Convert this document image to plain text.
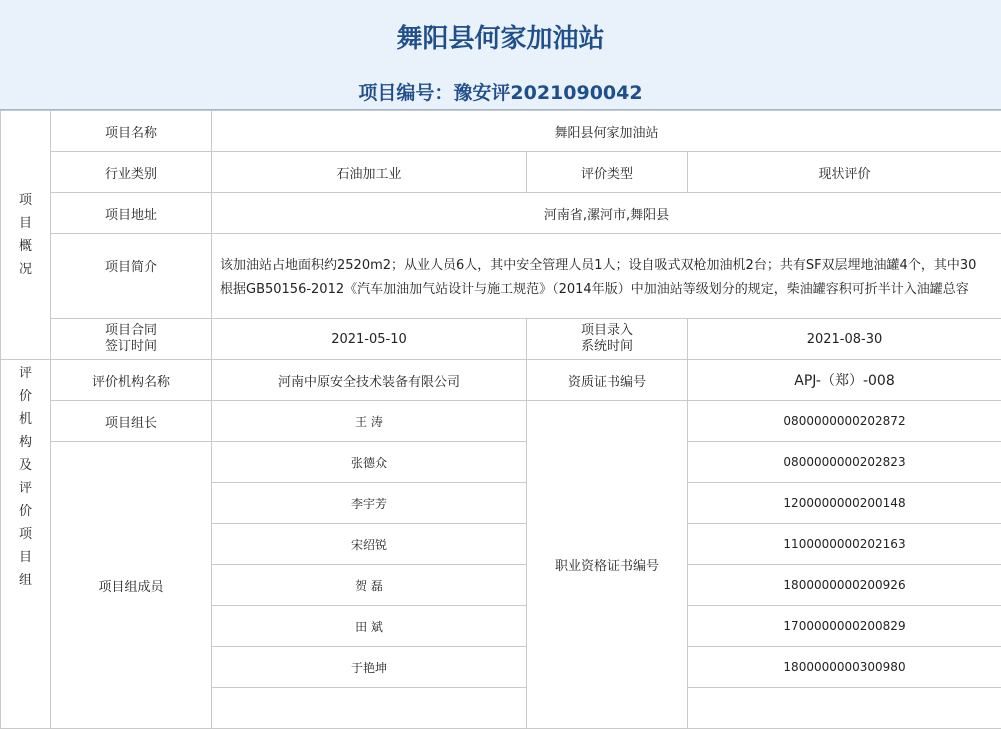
舞阳县何家加油站
项目编号：豫安评2021090042
项目概况	项目名称	舞阳县何家加油站		
	行业类别	石油加工业	评价类型	现状评价
	项目地址	河南省,漯河市,舞阳县		
	项目简介	该加油站占地面积约2520m2；从业人员6人，其中安全管理人员1人；设自吸式双枪加油机2台；共有SF双层埋地油罐4个，其中30
根据GB50156-2012《汽车加油加气站设计与施工规范》（2014年版）中加油站等级划分的规定，柴油罐容积可折半计入油罐总容		

	项目合同签订时间	2021-05-10	项目录入系统时间	2021-08-30

评价机构及评价项目组	评价机构名称	河南中原安全技术装备有限公司	资质证书编号	APJ-（郑）-008
	项目组长	王 涛	职业资格证书编号	0800000000202872
	项目组成员	张德众		0800000000202823
		李宇芳		1200000000200148
		宋绍锐		1100000000202163
		贺 磊		1800000000200926
		田 斌		1700000000200829
		于艳坤		1800000000300980
